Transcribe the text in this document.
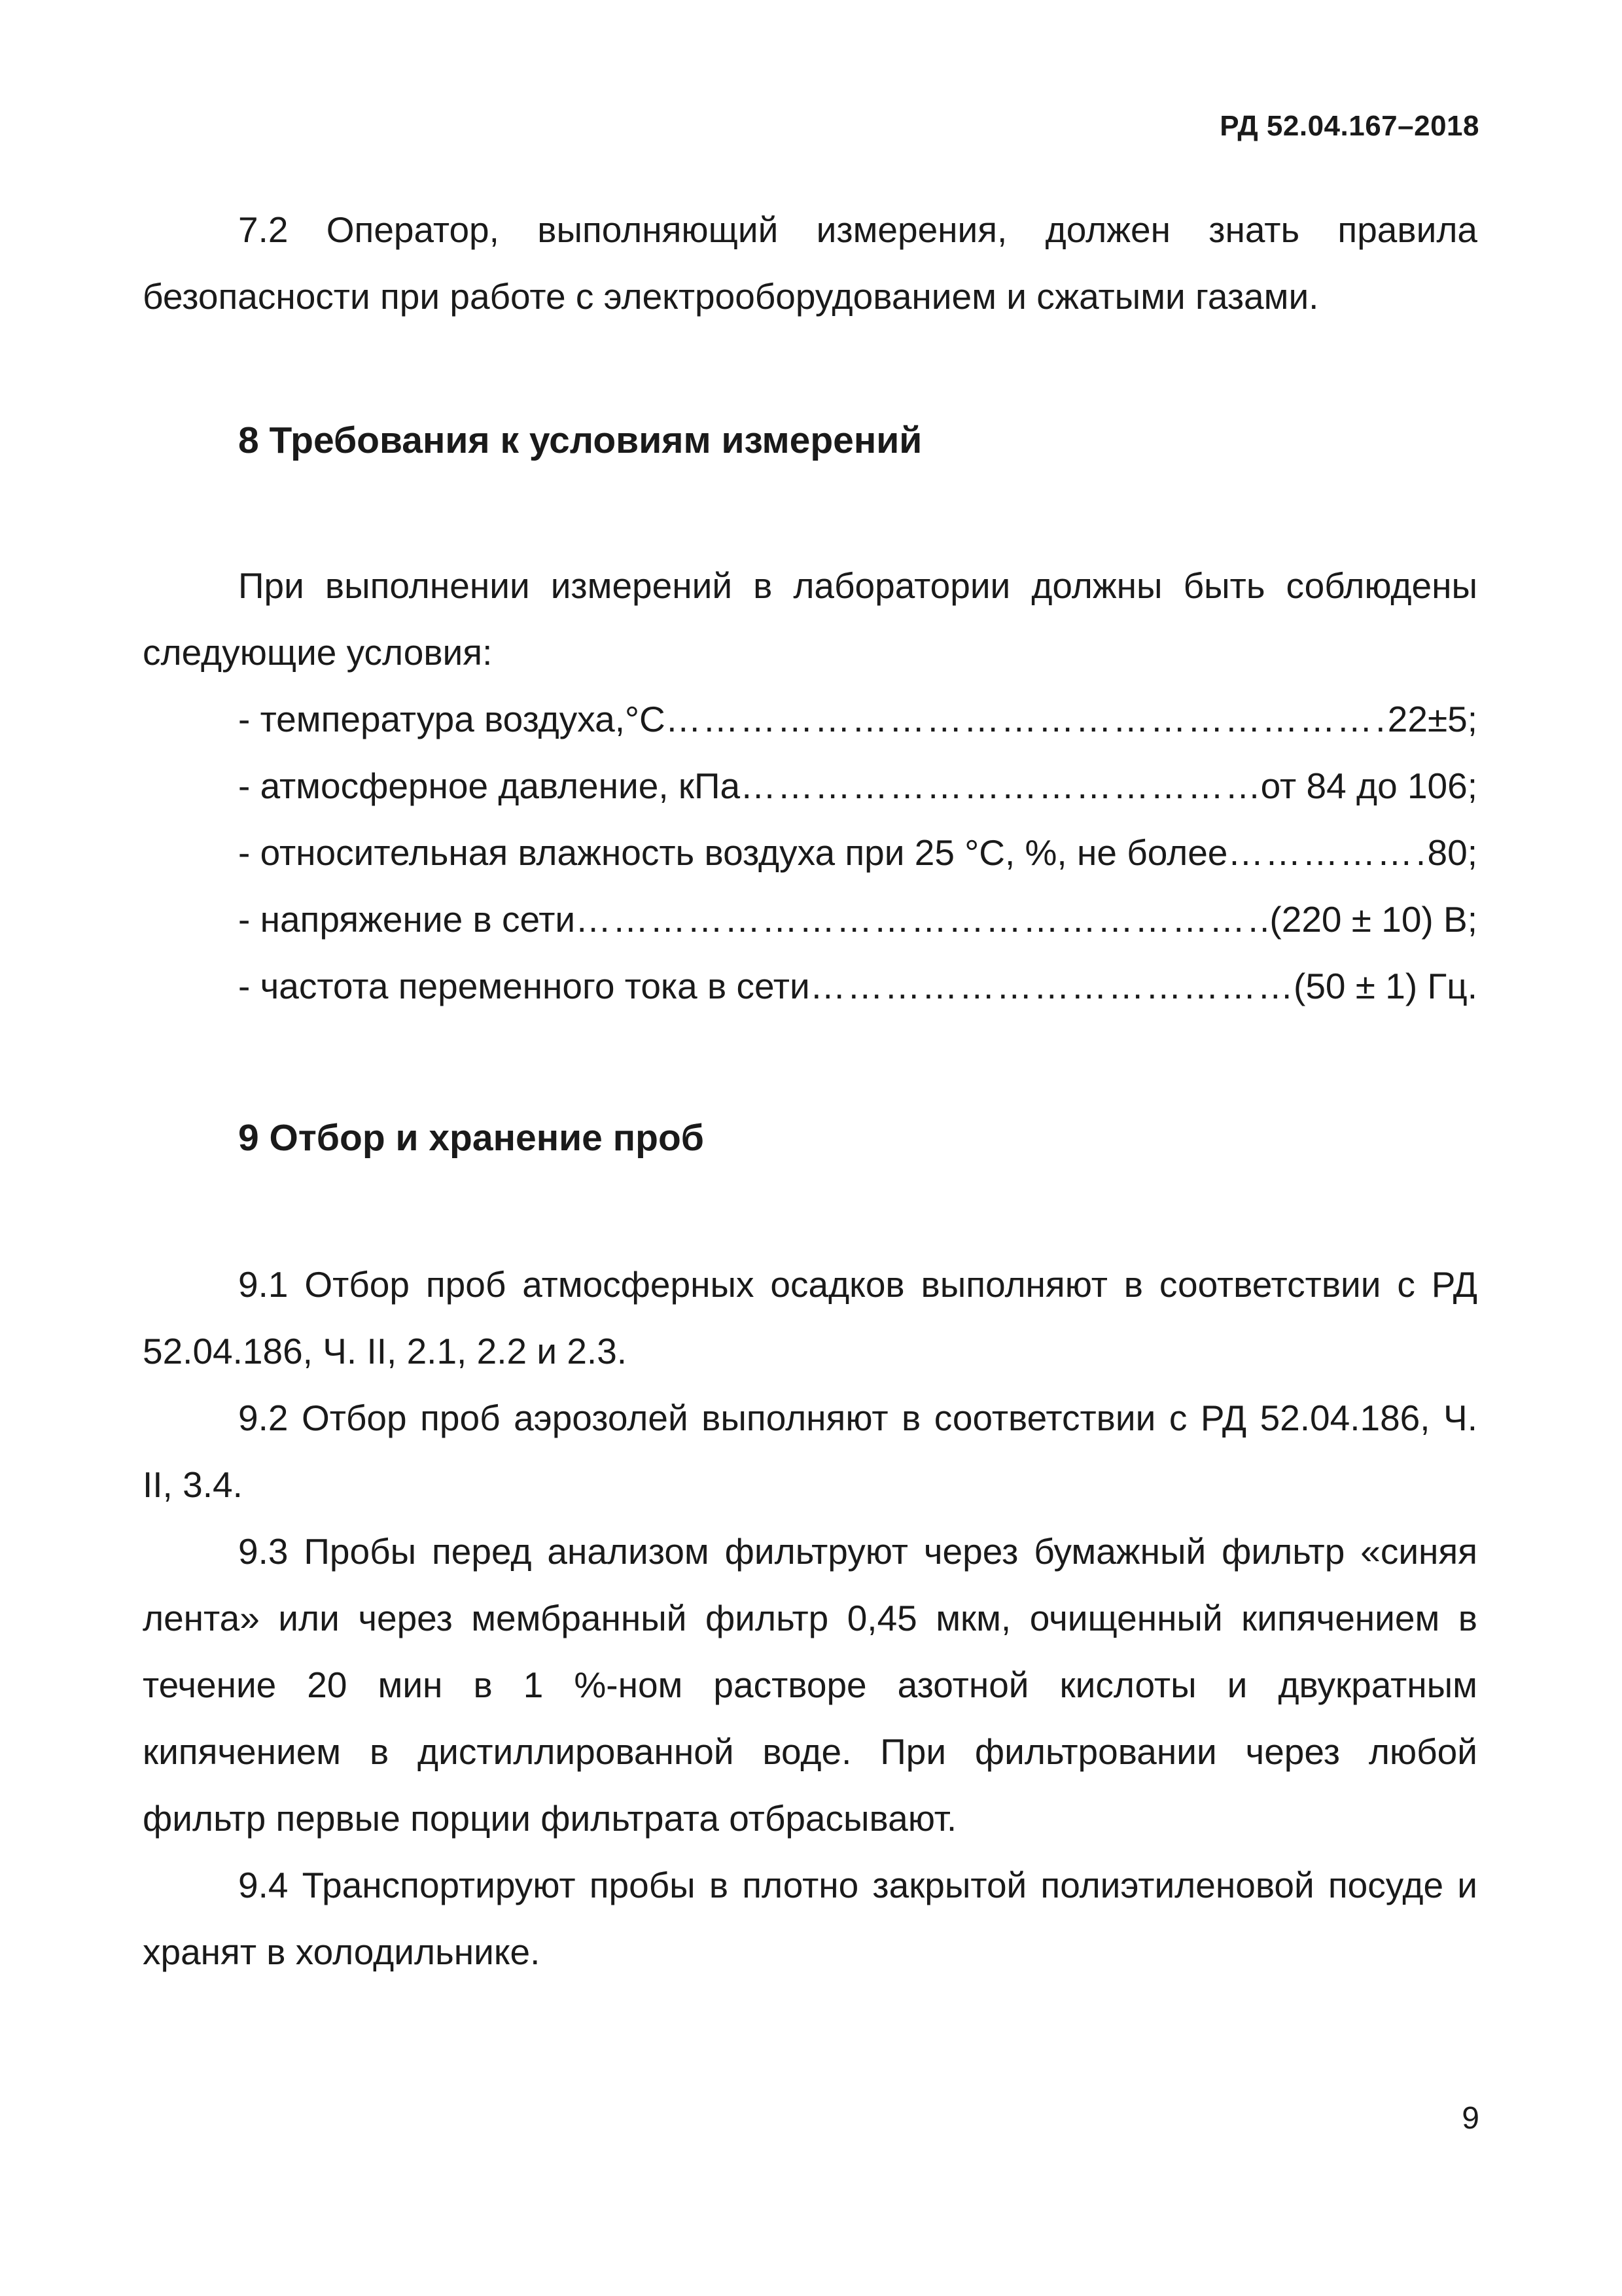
РД 52.04.167–2018

7.2 Оператор, выполняющий измерения, должен знать правила безопасности при работе с электрооборудованием и сжатыми газами.

8 Требования к условиям измерений

При выполнении измерений в лаборатории должны быть соблюдены следующие условия:

- температура воздуха,°С ……………………………………………………………………………………………………………………………	22±5;
- атмосферное давление, кПа ……………………………………………………………………………………………………………………………	от 84 до 106;
- относительная влажность воздуха при 25 °С, %, не более ……………………………………………………………………………………………………………………………	80;
- напряжение в сети ……………………………………………………………………………………………………………………………	(220 ± 10) В;
- частота переменного тока в сети ……………………………………………………………………………………………………………………………	(50 ± 1) Гц.
9 Отбор и хранение проб

9.1 Отбор проб атмосферных осадков выполняют в соответствии с РД 52.04.186, Ч. II, 2.1, 2.2 и 2.3.

9.2 Отбор проб аэрозолей выполняют в соответствии с РД 52.04.186, Ч. II, 3.4.

9.3 Пробы перед анализом фильтруют через бумажный фильтр «синяя лента» или через мембранный фильтр 0,45 мкм, очищенный кипячением в течение 20 мин в 1 %-ном растворе азотной кислоты и двукратным кипячением в дистиллированной воде. При фильтровании через любой фильтр первые порции фильтрата отбрасывают.

9.4 Транспортируют пробы в плотно закрытой полиэтиленовой посуде и хранят в холодильнике.

9
